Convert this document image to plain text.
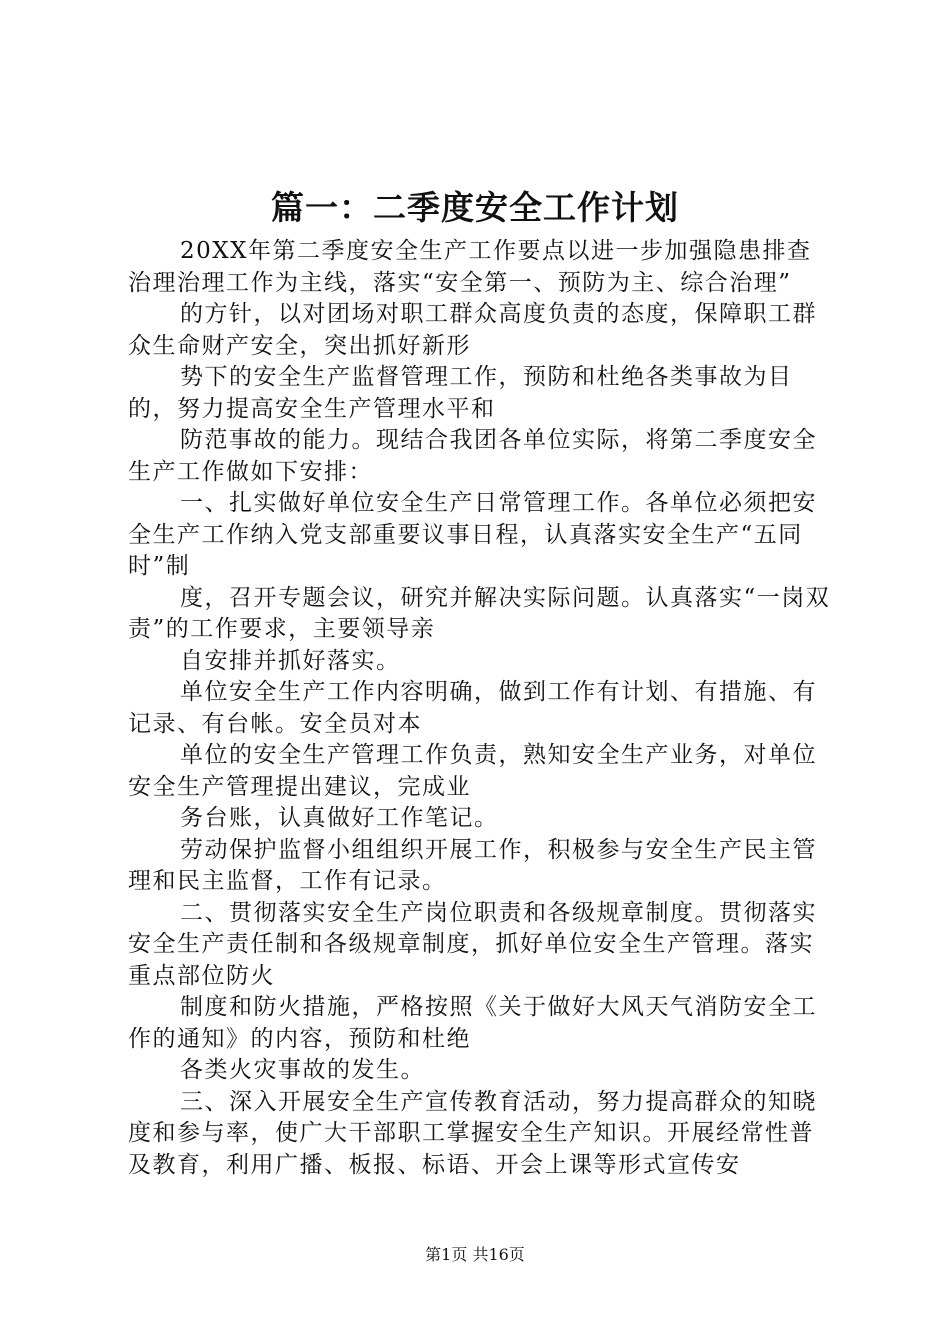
篇一：二季度安全工作计划

20XX年第二季度安全生产工作要点以进一步加强隐患排查治理治理工作为主线，落实“安全第一、预防为主、综合治理”

的方针，以对团场对职工群众高度负责的态度，保障职工群众生命财产安全，突出抓好新形

势下的安全生产监督管理工作，预防和杜绝各类事故为目的，努力提高安全生产管理水平和

防范事故的能力。现结合我团各单位实际，将第二季度安全生产工作做如下安排：

一、扎实做好单位安全生产日常管理工作。各单位必须把安全生产工作纳入党支部重要议事日程，认真落实安全生产“五同时”制

度，召开专题会议，研究并解决实际问题。认真落实“一岗双责”的工作要求，主要领导亲

自安排并抓好落实。

单位安全生产工作内容明确，做到工作有计划、有措施、有记录、有台帐。安全员对本

单位的安全生产管理工作负责，熟知安全生产业务，对单位安全生产管理提出建议，完成业

务台账，认真做好工作笔记。

劳动保护监督小组组织开展工作，积极参与安全生产民主管理和民主监督，工作有记录。

二、贯彻落实安全生产岗位职责和各级规章制度。贯彻落实安全生产责任制和各级规章制度，抓好单位安全生产管理。落实重点部位防火

制度和防火措施，严格按照《关于做好大风天气消防安全工作的通知》的内容，预防和杜绝

各类火灾事故的发生。

三、深入开展安全生产宣传教育活动，努力提高群众的知晓度和参与率，使广大干部职工掌握安全生产知识。开展经常性普及教育，利用广播、板报、标语、开会上课等形式宣传安

第1页 共16页
